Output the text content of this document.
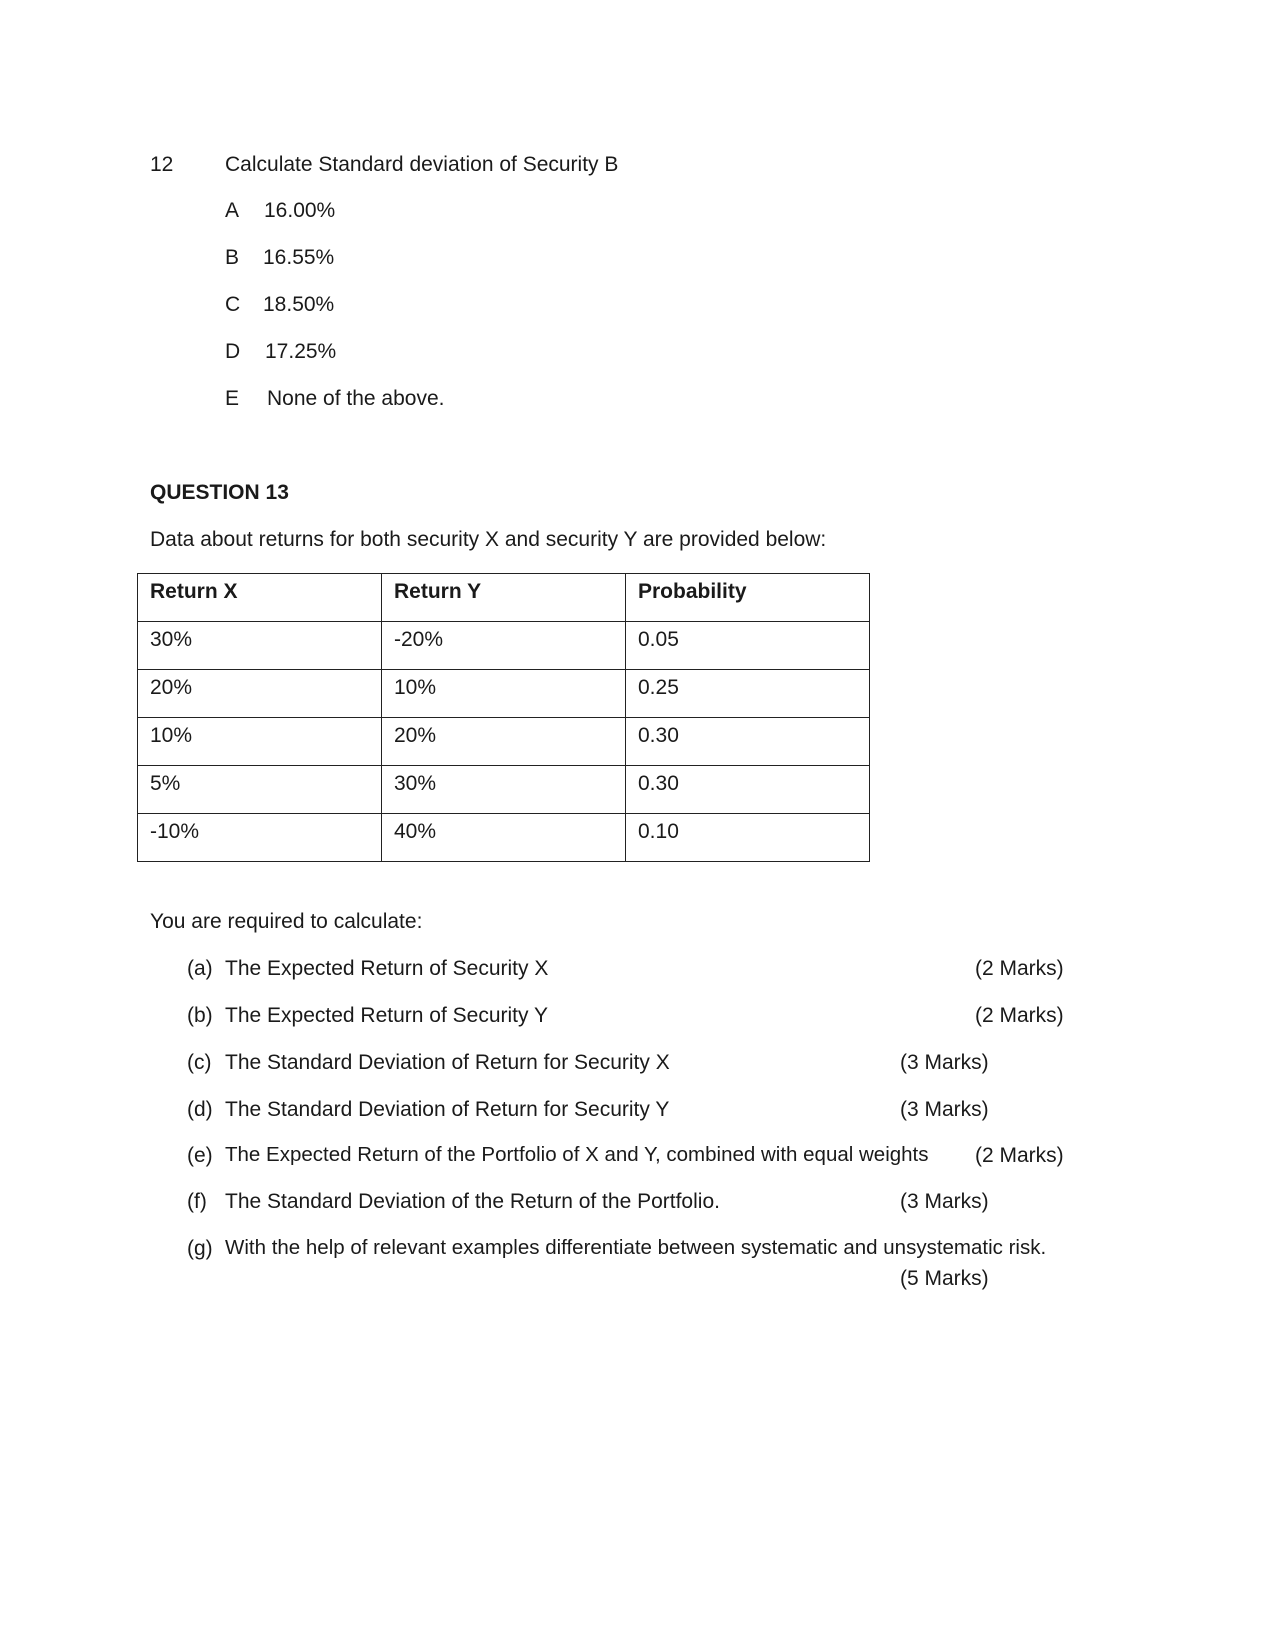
12 Calculate Standard deviation of Security B
A 16.00%
B 16.55%
C 18.50%
D 17.25%
E None of the above.
QUESTION 13
Data about returns for both security X and security Y are provided below:
Return X	Return Y	Probability

30%	-20%	0.05

20%	10%	0.25

10%	20%	0.30

5%	30%	0.30

-10%	40%	0.10
You are required to calculate:
(a) The Expected Return of Security X	(2 Marks)
(b) The Expected Return of Security Y	(2 Marks)
(c) The Standard Deviation of Return for Security X	(3 Marks)
(d) The Standard Deviation of Return for Security Y	(3 Marks)
(e) The Expected Return of the Portfolio of X and Y, combined with equal weights (2 Marks)
(f) The Standard Deviation of the Return of the Portfolio.	(3 Marks)
(g) With the help of relevant examples differentiate between systematic and unsystematic risk.
(5 Marks)
